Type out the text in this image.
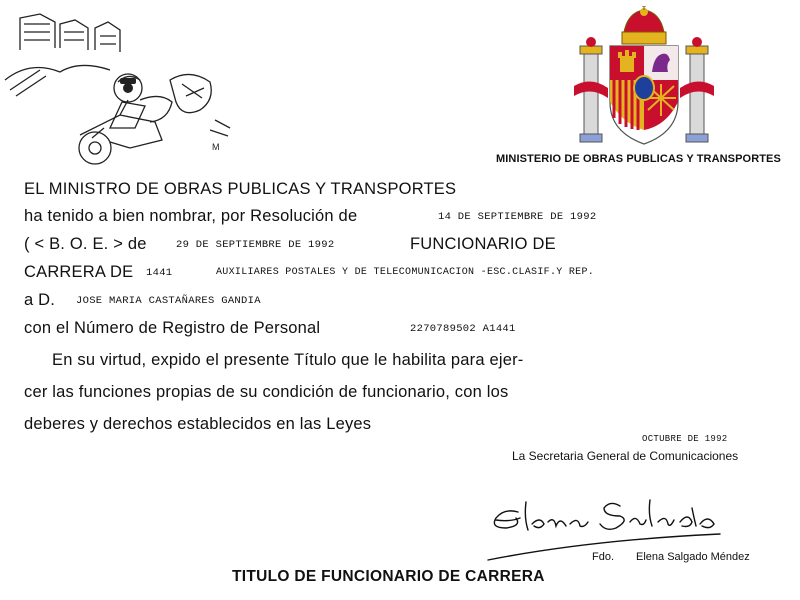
M
MINISTERIO DE OBRAS PUBLICAS Y TRANSPORTES
EL MINISTRO DE OBRAS PUBLICAS Y TRANSPORTES
ha tenido a bien nombrar, por Resolución de	14 DE SEPTIEMBRE DE 1992
( < B. O. E. > de	29 DE SEPTIEMBRE DE 1992	FUNCIONARIO DE
CARRERA DE 1441	AUXILIARES POSTALES Y DE TELECOMUNICACION -ESC.CLASIF.Y REP.
a D. JOSE MARIA CASTAÑARES GANDIA
con el Número de Registro de Personal	2270789502 A1441
En su virtud, expido el presente Título que le habilita para ejer-
cer las funciones propias de su condición de funcionario, con los
deberes y derechos establecidos en las Leyes
OCTUBRE DE 1992
La Secretaria General de Comunicaciones
Fdo. Elena Salgado Méndez
TITULO DE FUNCIONARIO DE CARRERA
